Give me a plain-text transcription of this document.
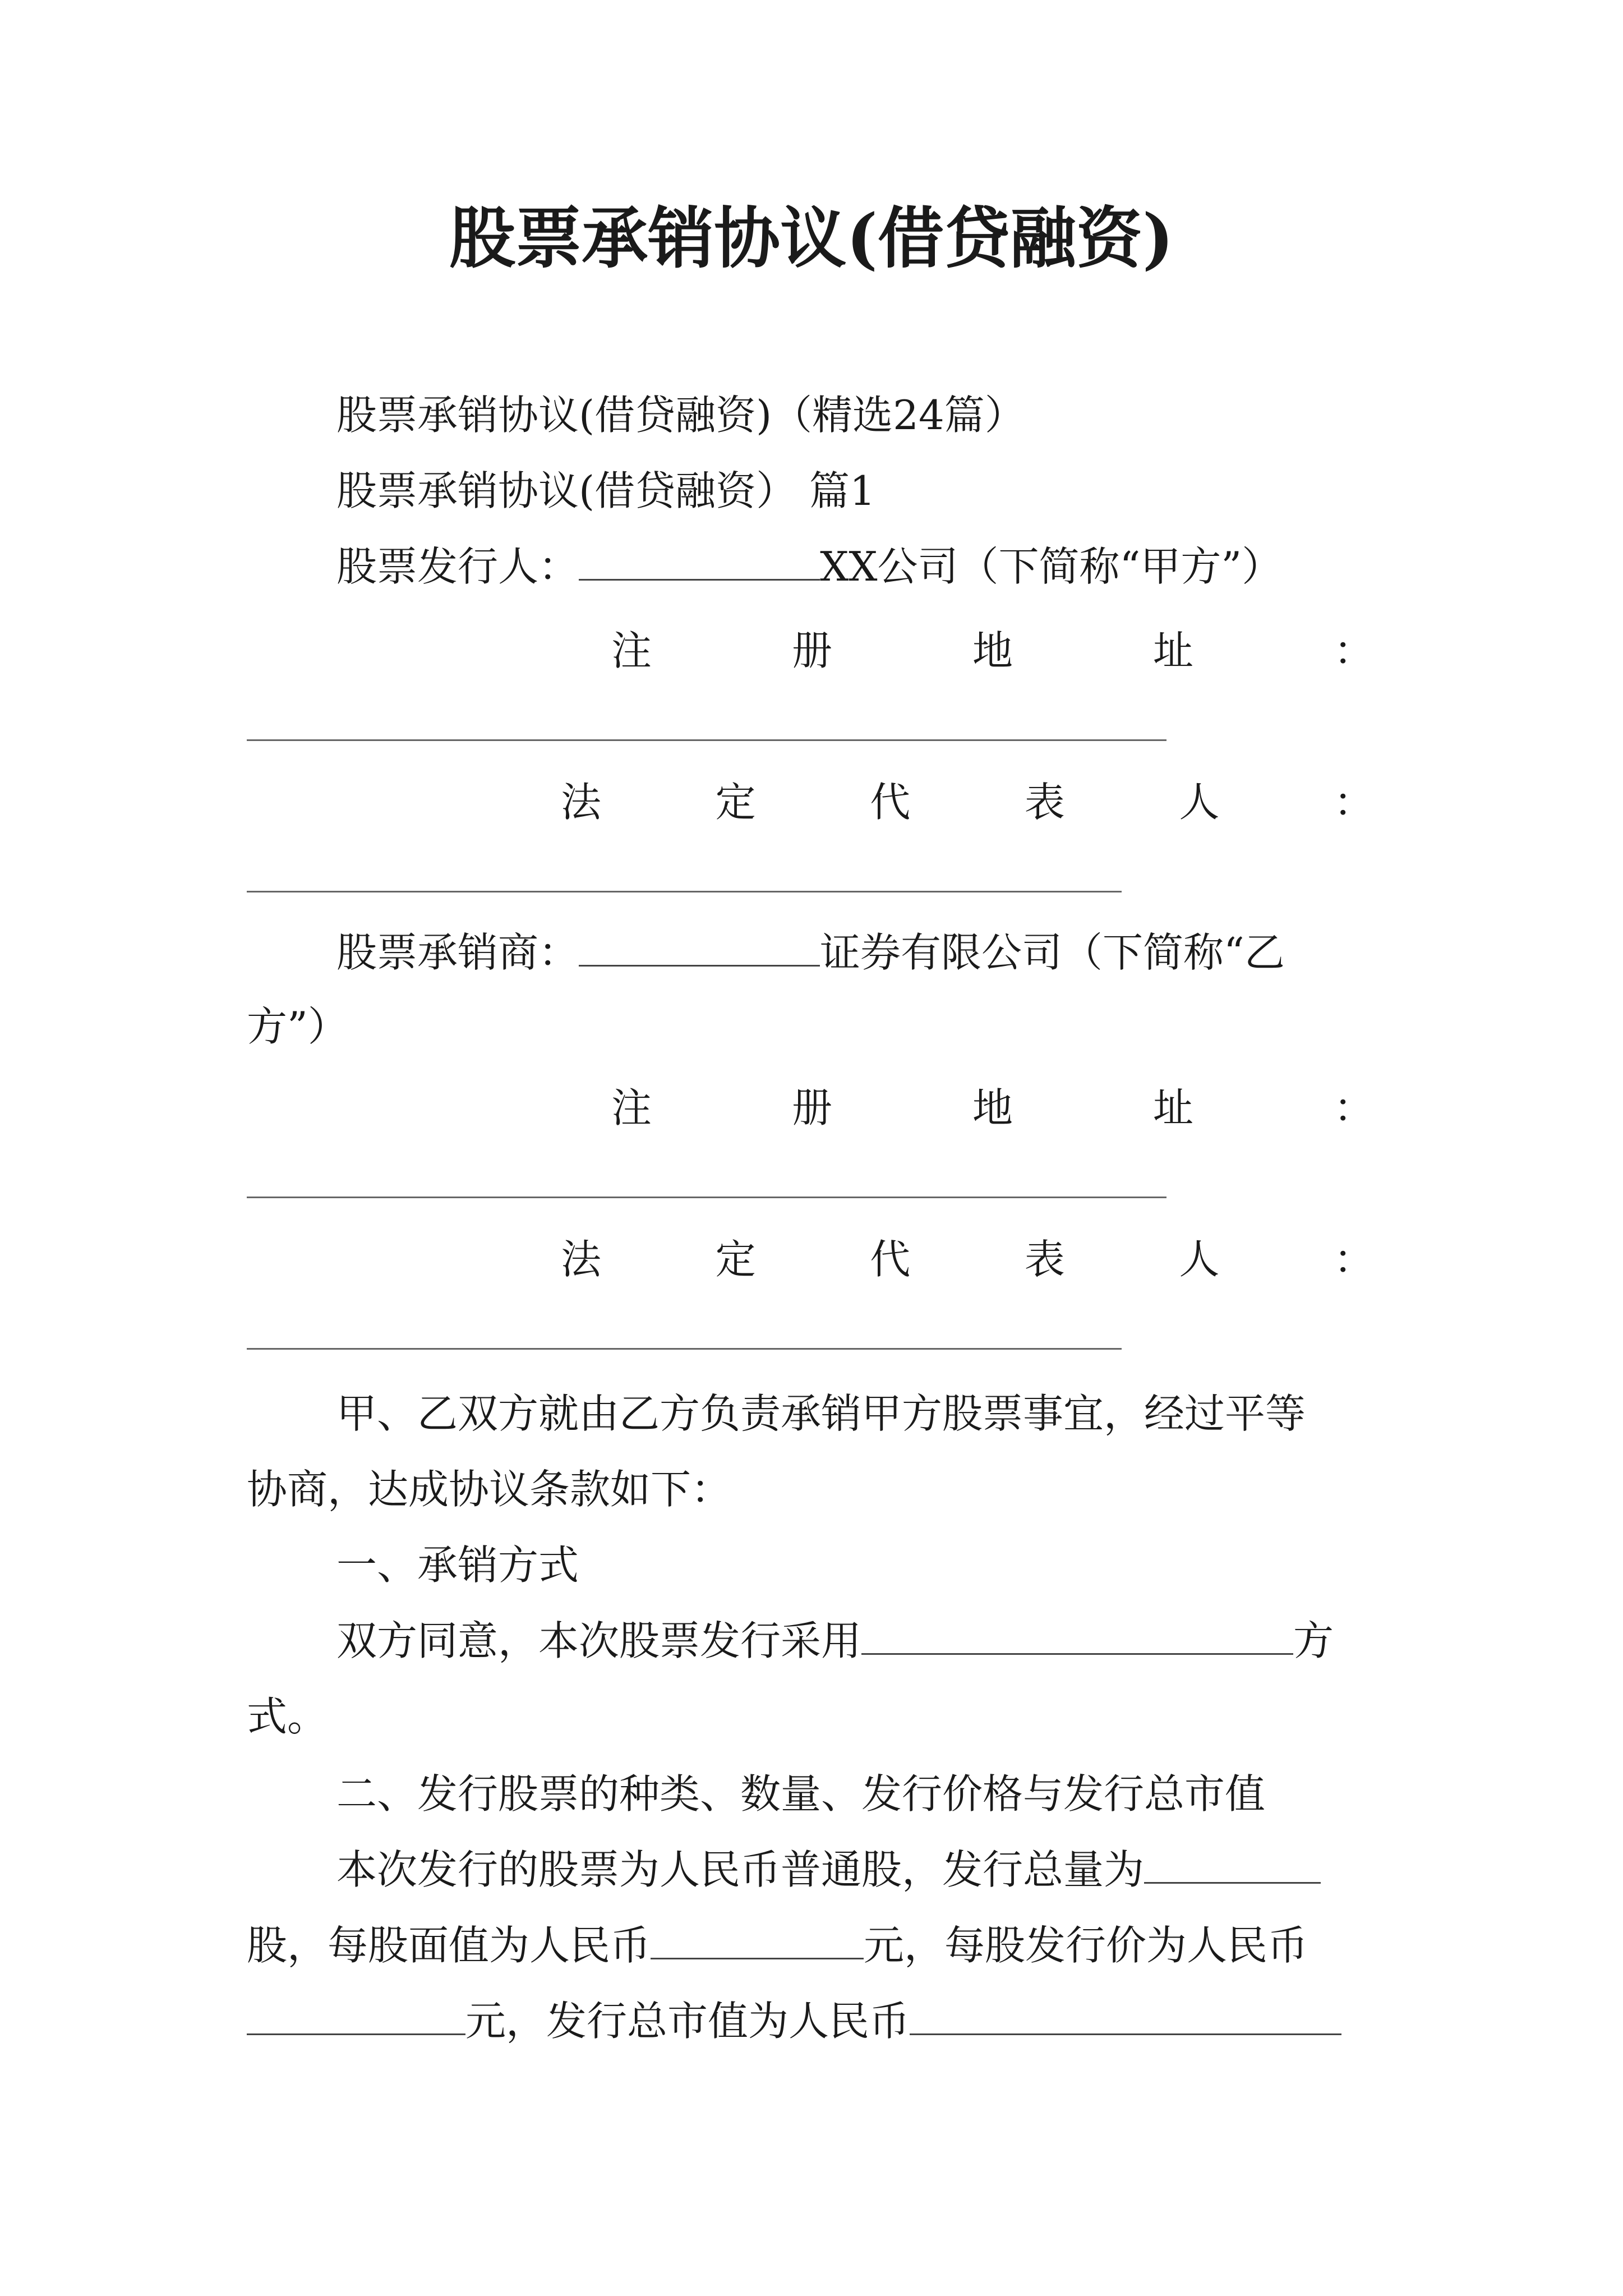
股票承销协议(借贷融资)
股票承销协议(借贷融资)（精选24篇）
股票承销协议(借贷融资） 篇1
股票发行人：	XX公司（下简称“甲方”）
注	册	地	址	：
法	定	代	表	人	：
股票承销商：	证券有限公司（下简称“乙
方”）
注	册	地	址	：
法	定	代	表	人	：
甲、乙双方就由乙方负责承销甲方股票事宜，经过平等
协商，达成协议条款如下：
一、承销方式
双方同意，本次股票发行采用	方
式。
二、发行股票的种类、数量、发行价格与发行总市值
本次发行的股票为人民币普通股，发行总量为
股，每股面值为人民币	元，每股发行价为人民币
元，发行总市值为人民币
